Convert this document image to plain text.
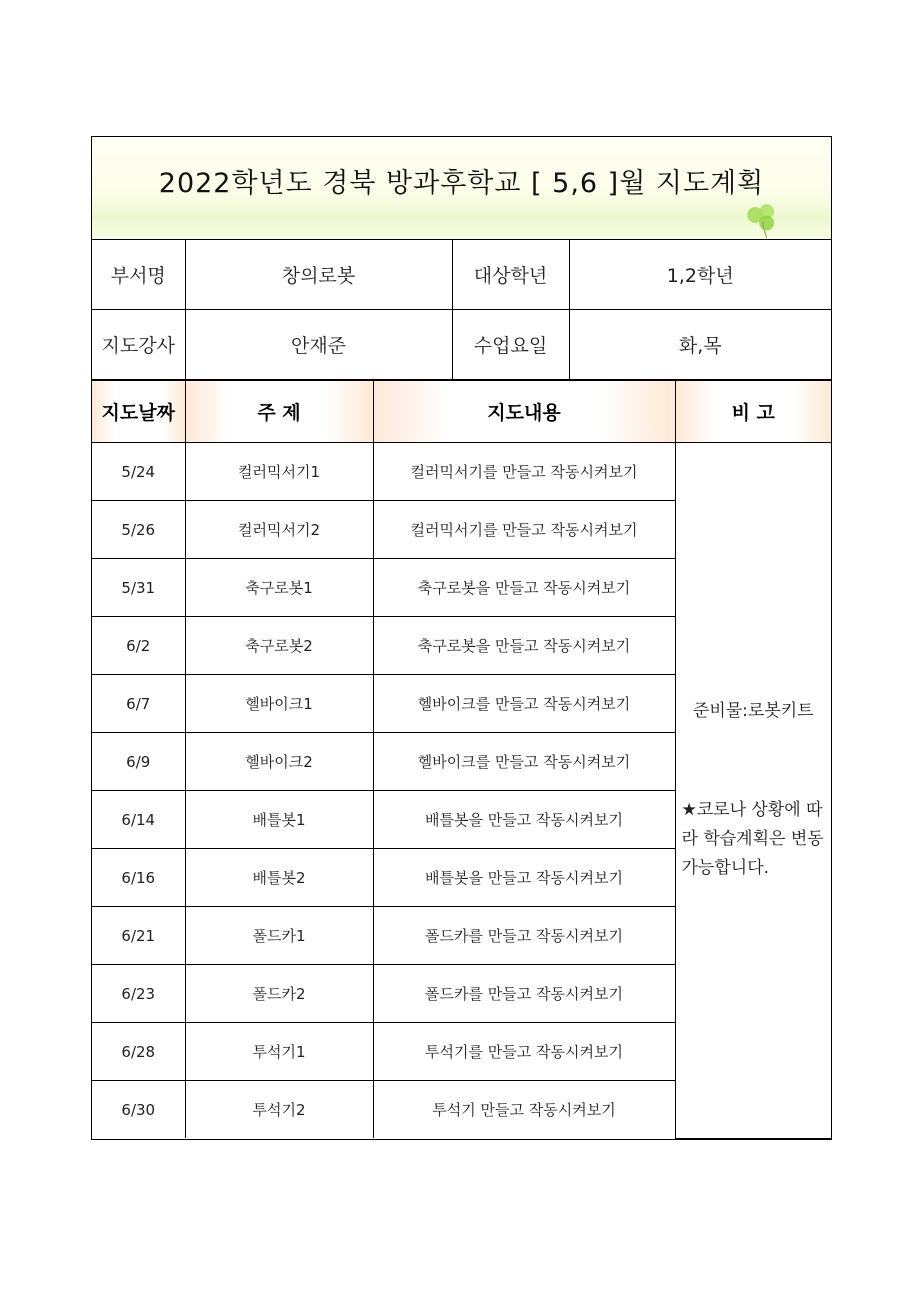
2022학년도 경북 방과후학교 [ 5,6 ]월 지도계획
부서명	창의로봇	대상학년	1,2학년
지도강사	안재준	수업요일	화,목
지도날짜	주 제	지도내용	비 고
5/24	컬러믹서기1	컬러믹서기를 만들고 작동시켜보기	준비물:로봇키트
★코로나 상황에 따라 학습계획은 변동 가능합니다.

5/26	컬러믹서기2	컬러믹서기를 만들고 작동시켜보기	
5/31	축구로봇1	축구로봇을 만들고 작동시켜보기	
6/2	축구로봇2	축구로봇을 만들고 작동시켜보기	
6/7	헬바이크1	헬바이크를 만들고 작동시켜보기	
6/9	헬바이크2	헬바이크를 만들고 작동시켜보기	
6/14	배틀봇1	배틀봇을 만들고 작동시켜보기	
6/16	배틀봇2	배틀봇을 만들고 작동시켜보기	
6/21	폴드카1	폴드카를 만들고 작동시켜보기	
6/23	폴드카2	폴드카를 만들고 작동시켜보기	
6/28	투석기1	투석기를 만들고 작동시켜보기	
6/30	투석기2	투석기 만들고 작동시켜보기	
